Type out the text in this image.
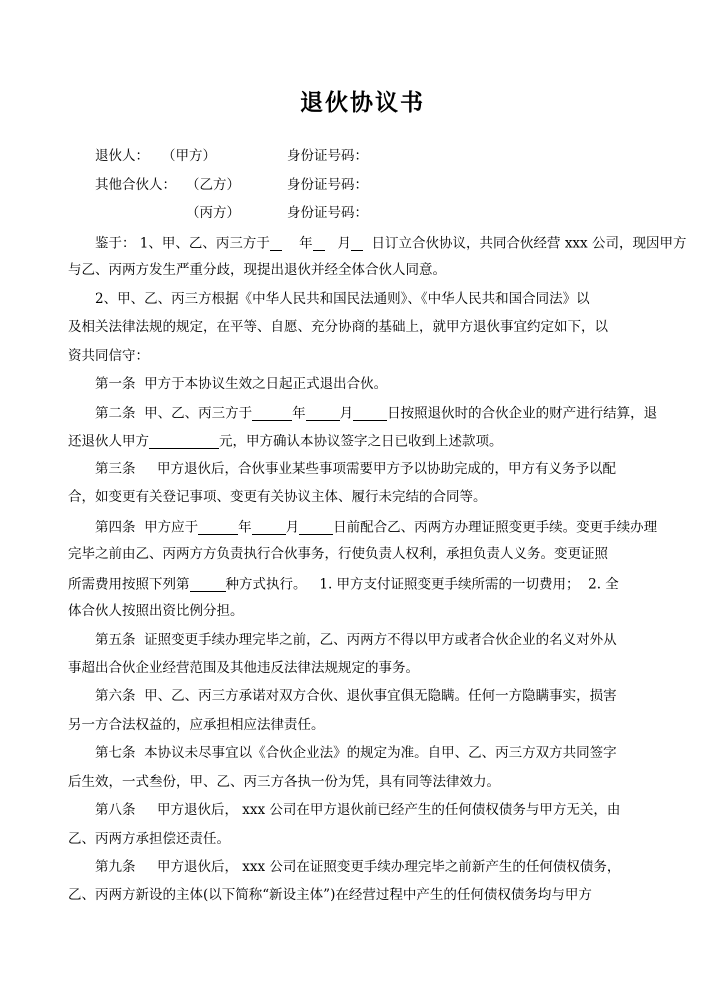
退伙协议书
退伙人： （甲方）	身份证号码：
其他合伙人： （乙方）	身份证号码：
（丙方）	身份证号码：
鉴于： 1、甲、乙、丙三方于 年 月 日订立合伙协议，共同合伙经营 xxx 公司，现因甲方
与乙、丙两方发生严重分歧，现提出退伙并经全体合伙人同意。
2、甲、乙、丙三方根据《中华人民共和国民法通则》、《中华人民共和国合同法》以
及相关法律法规的规定，在平等、自愿、充分协商的基础上，就甲方退伙事宜约定如下，以
资共同信守：
第一条  甲方于本协议生效之日起正式退出合伙。
第二条  甲、乙、丙三方于	年	月	日按照退伙时的合伙企业的财产进行结算，退
还退伙人甲方	元，甲方确认本协议签字之日已收到上述款项。
第三条     甲方退伙后，合伙事业某些事项需要甲方予以协助完成的，甲方有义务予以配
合，如变更有关登记事项、变更有关协议主体、履行未完结的合同等。
第四条  甲方应于	年	月	日前配合乙、丙两方办理证照变更手续。变更手续办理
完毕之前由乙、丙两方方负责执行合伙事务，行使负责人权利，承担负责人义务。变更证照
所需费用按照下列第	种方式执行。   1. 甲方支付证照变更手续所需的一切费用；  2. 全
体合伙人按照出资比例分担。
第五条  证照变更手续办理完毕之前，乙、丙两方不得以甲方或者合伙企业的名义对外从
事超出合伙企业经营范围及其他违反法律法规规定的事务。
第六条  甲、乙、丙三方承诺对双方合伙、退伙事宜俱无隐瞒。任何一方隐瞒事实，损害
另一方合法权益的，应承担相应法律责任。
第七条  本协议未尽事宜以《合伙企业法》的规定为准。自甲、乙、丙三方双方共同签字
后生效，一式叁份，甲、乙、丙三方各执一份为凭，具有同等法律效力。
第八条     甲方退伙后， xxx 公司在甲方退伙前已经产生的任何债权债务与甲方无关，由
乙、丙两方承担偿还责任。
第九条     甲方退伙后， xxx 公司在证照变更手续办理完毕之前新产生的任何债权债务，
乙、丙两方新设的主体(以下简称“新设主体”)在经营过程中产生的任何债权债务均与甲方
